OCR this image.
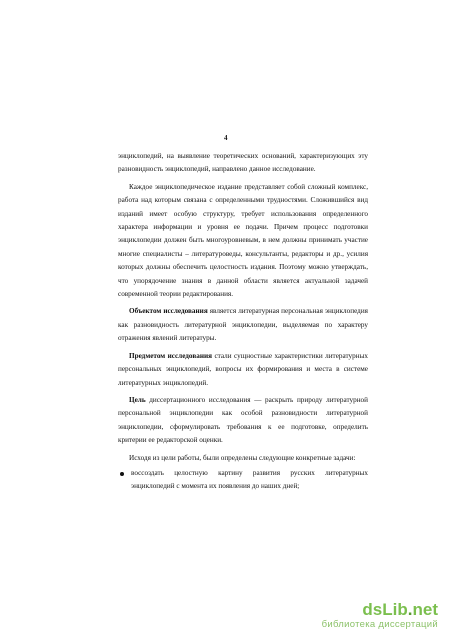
4

энциклопедий, на выявление теоретических оснований, характеризующих эту разновидность энциклопедий, направлено данное исследование.

Каждое энциклопедическое издание представляет собой сложный комплекс, работа над которым связана с определенными трудностями. Сложившийся вид изданий имеет особую структуру, требует использования определенного характера информации и уровня ее подачи. Причем процесс подготовки энциклопедии должен быть многоуровневым, в нем должны принимать участие многие специалисты – литературоведы, консультанты, редакторы и др., усилия которых должны обеспечить целостность издания. Поэтому можно утверждать, что упорядочение знания в данной области является актуальной задачей современной теории редактирования.

Объектом исследования является литературная персональная энциклопедия как разновидность литературной энциклопедии, выделяемая по характеру отражения явлений литературы.

Предметом исследования стали сущностные характеристики литературных персональных энциклопедий, вопросы их формирования и места в системе литературных энциклопедий.

Цель диссертационного исследования — раскрыть природу литературной персональной энциклопедии как особой разновидности литературной энциклопедии, сформулировать требования к ее подготовке, определить критерии ее редакторской оценки.

Исходя из цели работы, были определены следующие конкретные задачи:

воссоздать целостную картину развития русских литературных энциклопедий с момента их появления до наших дней;
dsLib.net
библиотека диссертаций
